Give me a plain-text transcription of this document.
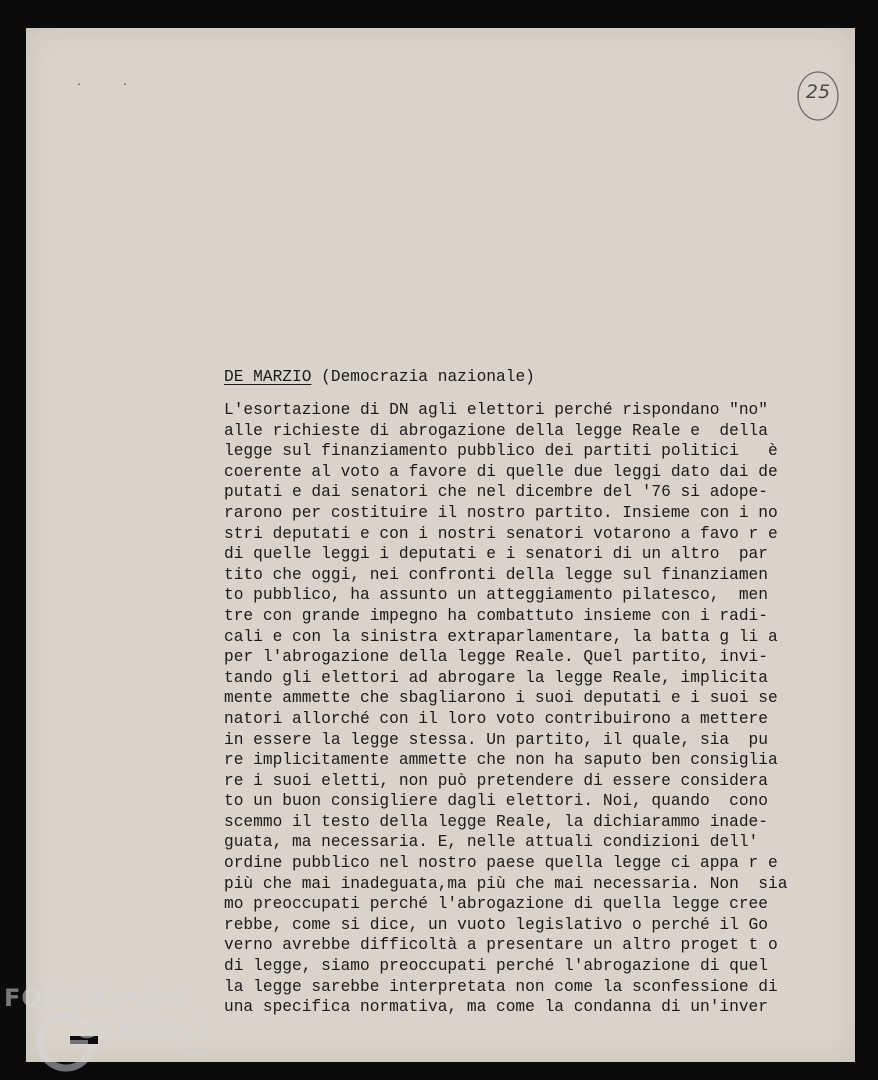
··	25
DE MARZIO (Democrazia nazionale)
L'esortazione di DN agli elettori perché rispondano "no"
alle richieste di abrogazione della legge Reale e  della
legge sul finanziamento pubblico dei partiti politici   è
coerente al voto a favore di quelle due leggi dato dai de
putati e dai senatori che nel dicembre del '76 si adope-
rarono per costituire il nostro partito. Insieme con i no
stri deputati e con i nostri senatori votarono a favo r e
di quelle leggi i deputati e i senatori di un altro  par
tito che oggi, nei confronti della legge sul finanziamen
to pubblico, ha assunto un atteggiamento pilatesco,  men
tre con grande impegno ha combattuto insieme con i radi-
cali e con la sinistra extraparlamentare, la batta g li a
per l'abrogazione della legge Reale. Quel partito, invi-
tando gli elettori ad abrogare la legge Reale, implicita
mente ammette che sbagliarono i suoi deputati e i suoi se
natori allorché con il loro voto contribuirono a mettere
in essere la legge stessa. Un partito, il quale, sia  pu
re implicitamente ammette che non ha saputo ben consiglia
re i suoi eletti, non può pretendere di essere considera
to un buon consigliere dagli elettori. Noi, quando  cono
scemmo il testo della legge Reale, la dichiarammo inade-
guata, ma necessaria. E, nelle attuali condizioni dell'
ordine pubblico nel nostro paese quella legge ci appa r e
più che mai inadeguata,ma più che mai necessaria. Non  sia
mo preoccupati perché l'abrogazione di quella legge cree
rebbe, come si dice, un vuoto legislativo o perché il Go
verno avrebbe difficoltà a presentare un altro proget t o
di legge, siamo preoccupati perché l'abrogazione di quel
la legge sarebbe interpretata non come la sconfessione di
una specifica normativa, ma come la condanna di un'inver
FONDAZIONE
GRAMSCI
onlus
